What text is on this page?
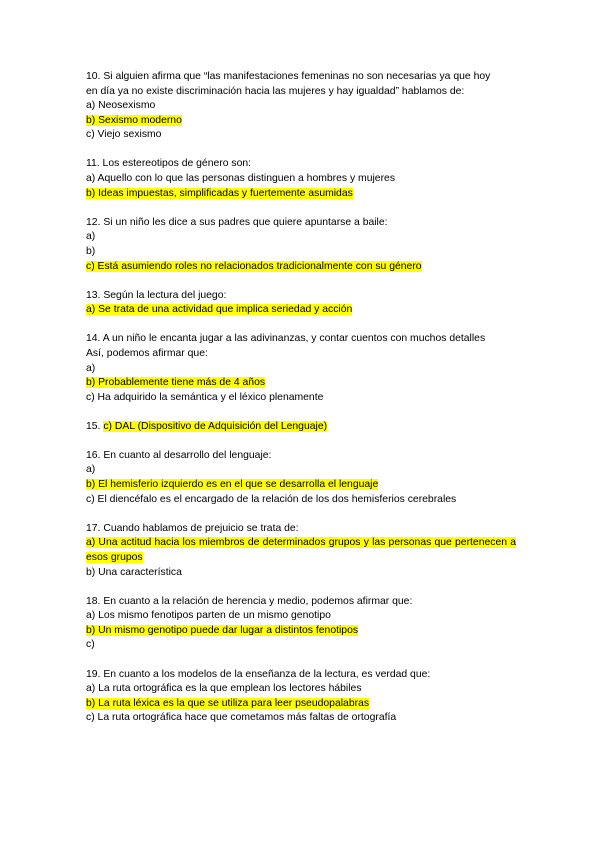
10. Si alguien afirma que “las manifestaciones femeninas no son necesarias ya que hoy
en día ya no existe discriminación hacia las mujeres y hay igualdad” hablamos de:
a) Neosexismo
b) Sexismo moderno
c) Viejo sexismo
11. Los estereotipos de género son:
a) Aquello con lo que las personas distinguen a hombres y mujeres
b) Ideas impuestas, simplificadas y fuertemente asumidas
12. Si un niño les dice a sus padres que quiere apuntarse a baile:
a)
b)
c) Está asumiendo roles no relacionados tradicionalmente con su género
13. Según la lectura del juego:
a) Se trata de una actividad que implica seriedad y acción
14. A un niño le encanta jugar a las adivinanzas, y contar cuentos con muchos detalles
Así, podemos afirmar que:
a)
b) Probablemente tiene más de 4 años
c) Ha adquirido la semántica y el léxico plenamente
15. c) DAL (Dispositivo de Adquisición del Lenguaje)
16. En cuanto al desarrollo del lenguaje:
a)
b) El hemisferio izquierdo es en el que se desarrolla el lenguaje
c) El diencéfalo es el encargado de la relación de los dos hemisferios cerebrales
17. Cuando hablamos de prejuicio se trata de:
a) Una actitud hacia los miembros de determinados grupos y las personas que pertenecen a esos grupos
b) Una característica
18. En cuanto a la relación de herencia y medio, podemos afirmar que:
a) Los mismo fenotipos parten de un mismo genotipo
b) Un mismo genotipo puede dar lugar a distintos fenotipos
c)
19. En cuanto a los modelos de la enseñanza de la lectura, es verdad que:
a) La ruta ortográfica es la que emplean los lectores hábiles
b) La ruta léxica es la que se utiliza para leer pseudopalabras
c) La ruta ortográfica hace que cometamos más faltas de ortografía
